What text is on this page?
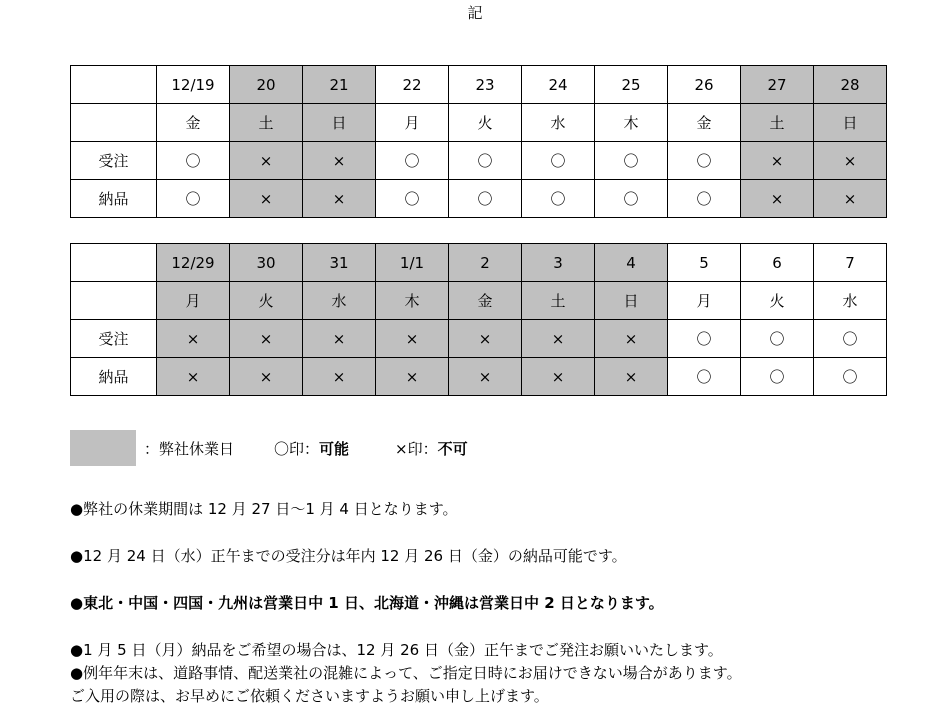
記
	12/19	20	21	22	23	24	25	26	27	28
	金	土	日	月	火	水	木	金	土	日
受注	〇	×	×	〇	〇	〇	〇	〇	×	×
納品	〇	×	×	〇	〇	〇	〇	〇	×	×
	12/29	30	31	1/1	2	3	4	5	6	7
	月	火	水	木	金	土	日	月	火	水
受注	×	×	×	×	×	×	×	〇	〇	〇
納品	×	×	×	×	×	×	×	〇	〇	〇
：弊社休業日	〇印：可能	×印：不可
●弊社の休業期間は 12 月 27 日～1 月 4 日となります。
●12 月 24 日（水）正午までの受注分は年内 12 月 26 日（金）の納品可能です。
●東北・中国・四国・九州は営業日中 1 日、北海道・沖縄は営業日中 2 日となります。
●1 月 5 日（月）納品をご希望の場合は、12 月 26 日（金）正午までご発注お願いいたします。
●例年年末は、道路事情、配送業社の混雑によって、ご指定日時にお届けできない場合があります。
ご入用の際は、お早めにご依頼くださいますようお願い申し上げます。
